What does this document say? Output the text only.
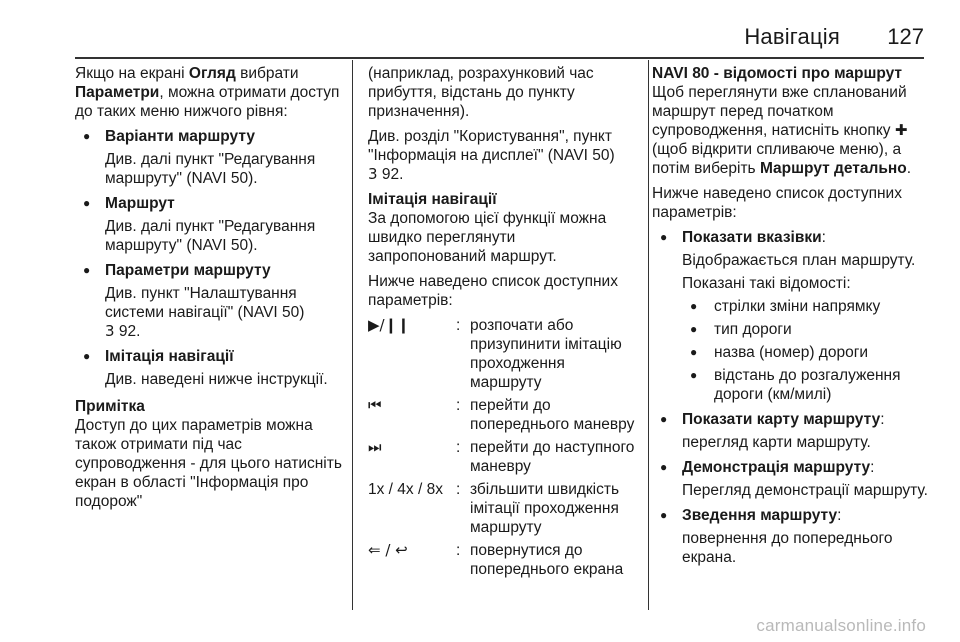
Навігація 127

Якщо на екрані Огляд вибрати Параметри, можна отримати доступ до таких меню нижчого рівня:

● Варіанти маршруту
Див. далі пункт "Редагування маршруту" (NAVI 50).
● Маршрут
Див. далі пункт "Редагування маршруту" (NAVI 50).
● Параметри маршруту
Див. пункт "Налаштування системи навігації" (NAVI 50)
3 92.
● Імітація навігації
Див. наведені нижче інструкції.
Примітка
Доступ до цих параметрів можна також отримати під час супроводження - для цього натисніть екран в області "Інформація про подорож"

(наприклад, розрахунковий час прибуття, відстань до пункту призначення).

Див. розділ "Користування", пункт "Інформація на дисплеї" (NAVI 50)
3 92.

Імітація навігації

За допомогою цієї функції можна швидко переглянути запропонований маршрут.

Нижче наведено список доступних параметрів:

▶/❙❙	: розпочати або призупинити імітацію проходження маршруту
⏮	: перейти до попереднього маневру
⏭	: перейти до наступного маневру
1x / 4x / 8x : збільшити швидкість імітації проходження маршруту
⇐ / ↩	: повернутися до попереднього екрана
NAVI 80 - відомості про маршрут

Щоб переглянути вже спланований маршрут перед початком супроводження, натисніть кнопку ✚ (щоб відкрити спливаюче меню), а потім виберіть Маршрут детально.

Нижче наведено список доступних параметрів:

● Показати вказівки:
Відображається план маршруту.
Показані такі відомості:
● стрілки зміни напрямку
● тип дороги
● назва (номер) дороги
● відстань до розгалуження дороги (км/милі)
● Показати карту маршруту:
перегляд карти маршруту.
● Демонстрація маршруту:
Перегляд демонстрації маршруту.
● Зведення маршруту:
повернення до попереднього екрана.
carmanualsonline.info
